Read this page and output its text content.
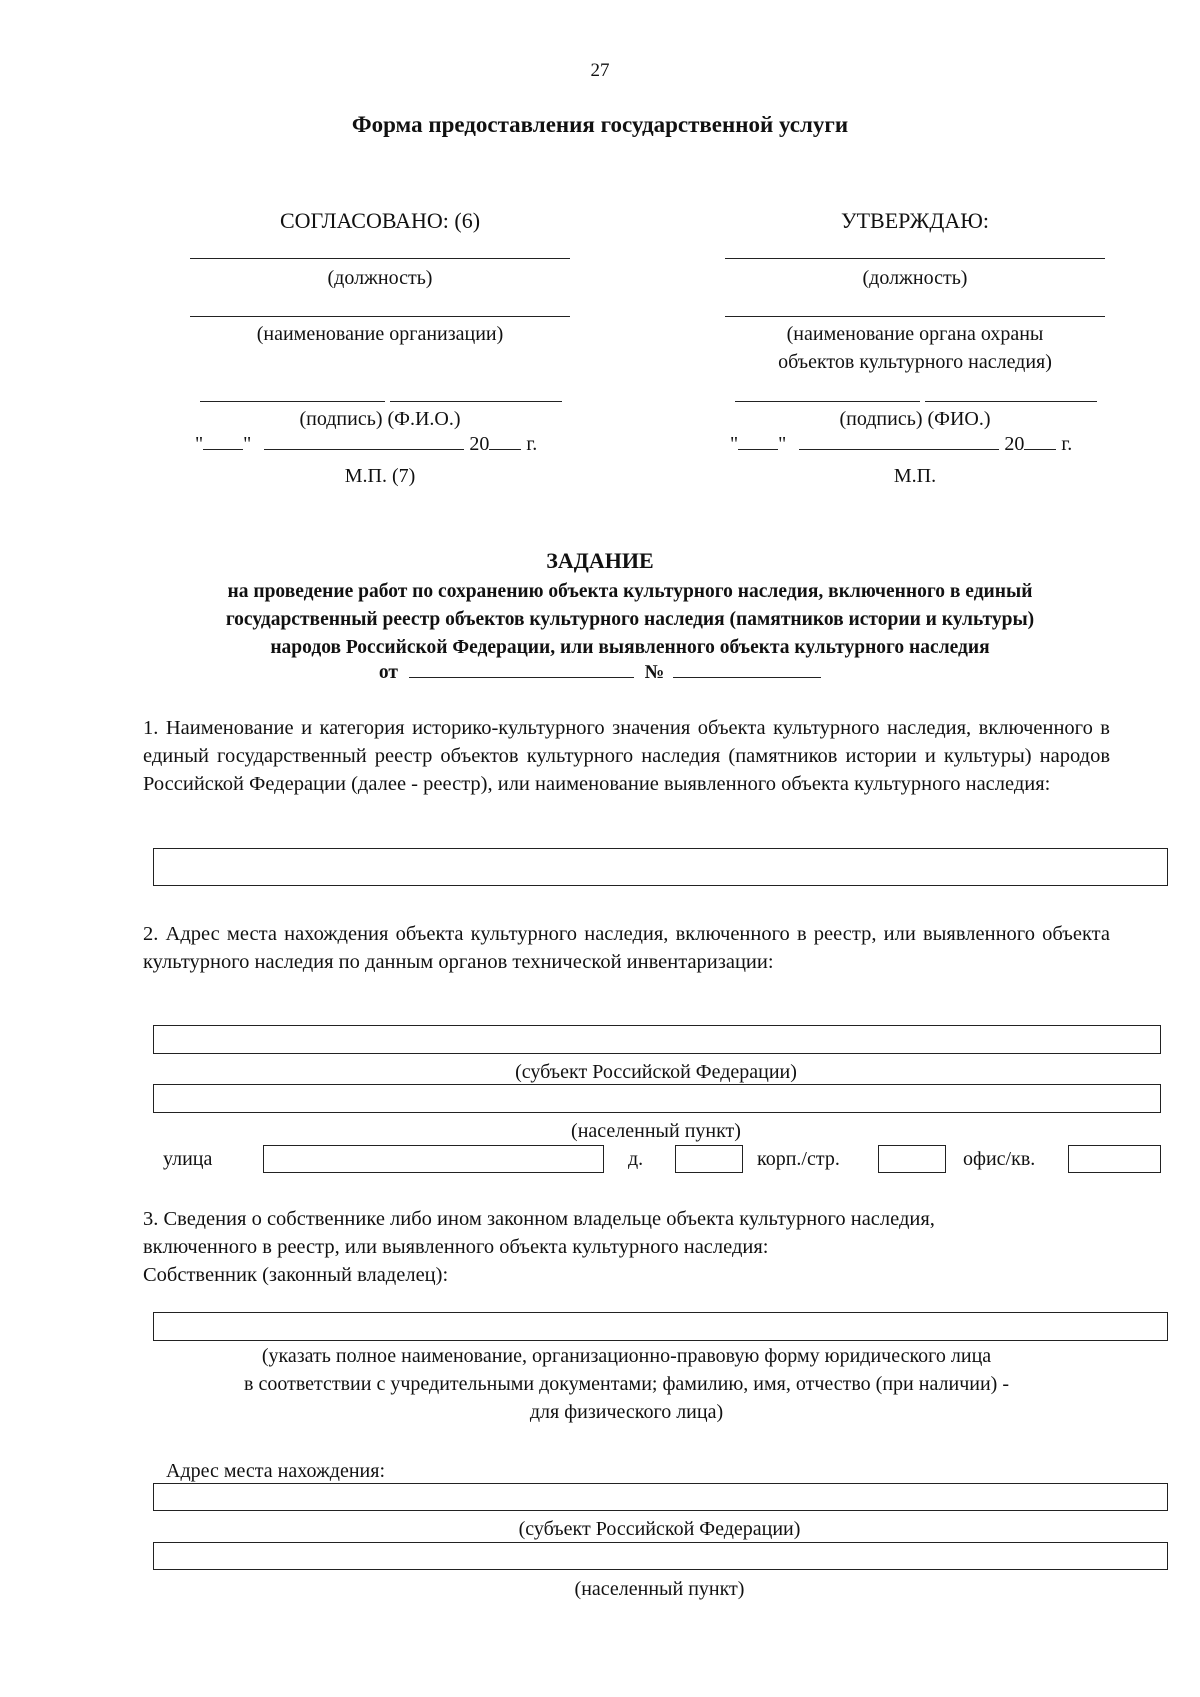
27
Форма предоставления государственной услуги
СОГЛАСОВАНО: (6)
(должность)
(наименование организации)
(подпись) (Ф.И.О.)
" "	20 г.
М.П. (7)
УТВЕРЖДАЮ:
(должность)
(наименование органа охраны
объектов культурного наследия)
(подпись) (ФИО.)
" "	20 г.
М.П.
ЗАДАНИЕ
на проведение работ по сохранению объекта культурного наследия, включенного в единый
государственный реестр объектов культурного наследия (памятников истории и культуры)
народов Российской Федерации, или выявленного объекта культурного наследия
от	№
1. Наименование и категория историко-культурного значения объекта культурного наследия, включенного в единый государственный реестр объектов культурного наследия (памятников истории и культуры) народов Российской Федерации (далее - реестр), или наименование выявленного объекта культурного наследия:
2. Адрес места нахождения объекта культурного наследия, включенного в реестр, или выявленного объекта культурного наследия по данным органов технической инвентаризации:
(субъект Российской Федерации)
(населенный пункт)
улица	д.	корп./стр.	офис/кв.
3. Сведения о собственнике либо ином законном владельце объекта культурного наследия,
включенного в реестр, или выявленного объекта культурного наследия:
Собственник (законный владелец):
(указать полное наименование, организационно-правовую форму юридического лица
в соответствии с учредительными документами; фамилию, имя, отчество (при наличии) -
для физического лица)
Адрес места нахождения:
(субъект Российской Федерации)
(населенный пункт)
